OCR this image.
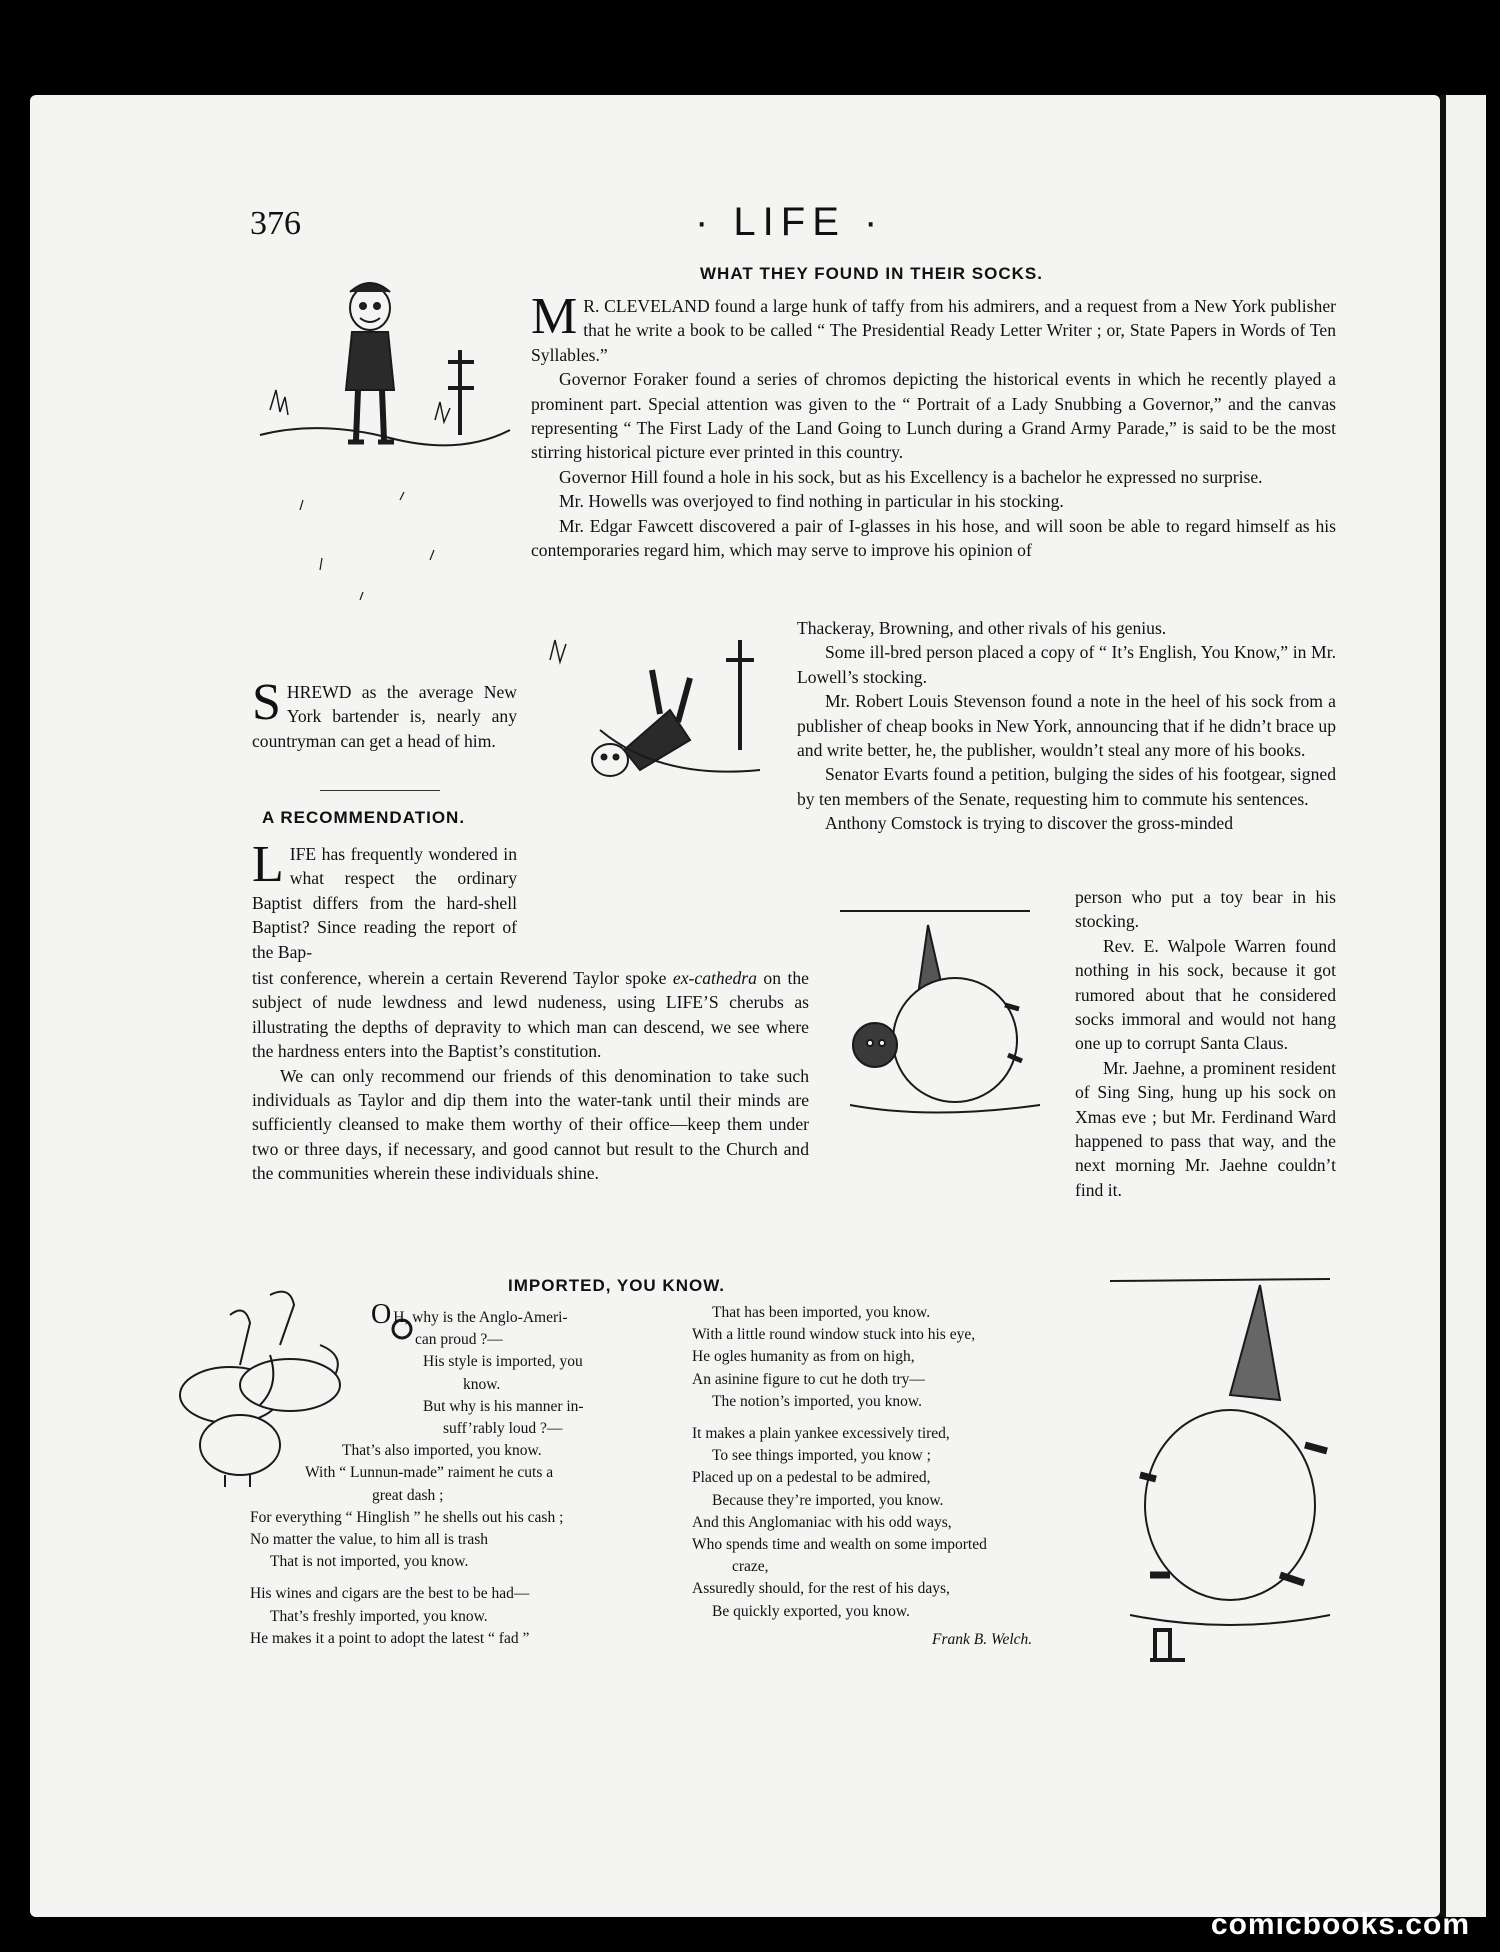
376	· LIFE ·
WHAT THEY FOUND IN THEIR SOCKS.

M R. CLEVELAND found a large hunk of taffy from his admirers, and a request from a New York publisher that he write a book to be called “ The Presidential Ready Letter Writer ; or, State Papers in Words of Ten Syllables.”

Governor Foraker found a series of chromos depicting the historical events in which he recently played a prominent part. Special attention was given to the “ Portrait of a Lady Snubbing a Governor,” and the canvas representing “ The First Lady of the Land Going to Lunch during a Grand Army Parade,” is said to be the most stirring historical picture ever printed in this country.

Governor Hill found a hole in his sock, but as his Excellency is a bachelor he expressed no surprise.

Mr. Howells was overjoyed to find nothing in particular in his stocking.

Mr. Edgar Fawcett discovered a pair of I-glasses in his hose, and will soon be able to regard himself as his contemporaries regard him, which may serve to improve his opinion of

Thackeray, Browning, and other rivals of his genius.

Some ill-bred person placed a copy of “ It’s English, You Know,” in Mr. Lowell’s stocking.

Mr. Robert Louis Stevenson found a note in the heel of his sock from a publisher of cheap books in New York, announcing that if he didn’t brace up and write better, he, the publisher, wouldn’t steal any more of his books.

Senator Evarts found a petition, bulging the sides of his footgear, signed by ten members of the Senate, requesting him to commute his sentences.

Anthony Comstock is trying to discover the gross-minded

person who put a toy bear in his stocking.

Rev. E. Walpole Warren found nothing in his sock, because it got rumored about that he considered socks immoral and would not hang one up to corrupt Santa Claus.

Mr. Jaehne, a prominent resident of Sing Sing, hung up his sock on Xmas eve ; but Mr. Ferdinand Ward happened to pass that way, and the next morning Mr. Jaehne couldn’t find it.

SHREWD as the average New York bartender is, nearly any countryman can get a head of him.

A RECOMMENDATION.

LIFE has frequently wondered in what respect the ordinary Baptist differs from the hard-shell Baptist? Since reading the report of the Bap-

tist conference, wherein a certain Reverend Taylor spoke ex-cathedra on the subject of nude lewdness and lewd nudeness, using LIFE’S cherubs as illustrating the depths of depravity to which man can descend, we see where the hardness enters into the Baptist’s constitution.

We can only recommend our friends of this denomination to take such individuals as Taylor and dip them into the water-tank until their minds are sufficiently cleansed to make them worthy of their office—keep them under two or three days, if necessary, and good cannot but result to the Church and the communities wherein these individuals shine.

IMPORTED, YOU KNOW.
O H, why is the Anglo-Ameri-
can proud ?—
His style is imported, you
know.
But why is his manner in-
suff’rably loud ?—
That’s also imported, you know.
With “ Lunnun-made” raiment he cuts a
great dash ;
For everything “ Hinglish ” he shells out his cash ;
No matter the value, to him all is trash
That is not imported, you know.
His wines and cigars are the best to be had—
That’s freshly imported, you know.
He makes it a point to adopt the latest “ fad ”
That has been imported, you know.
With a little round window stuck into his eye,
He ogles humanity as from on high,
An asinine figure to cut he doth try—
The notion’s imported, you know.
It makes a plain yankee excessively tired,
To see things imported, you know ;
Placed up on a pedestal to be admired,
Because they’re imported, you know.
And this Anglomaniac with his odd ways,
Who spends time and wealth on some imported
craze,
Assuredly should, for the rest of his days,
Be quickly exported, you know.
Frank B. Welch.
comicbooks.com
